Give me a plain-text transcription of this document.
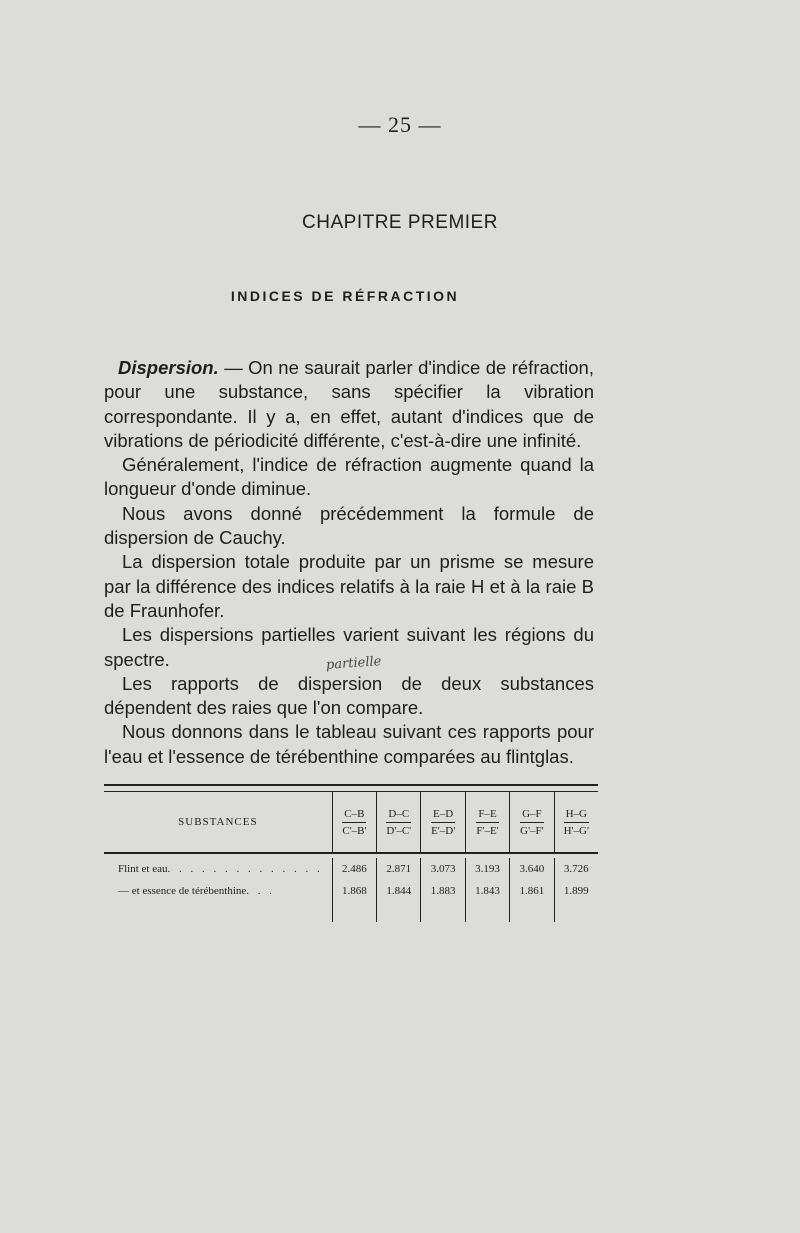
— 25 —
CHAPITRE PREMIER
INDICES DE RÉFRACTION

Dispersion. — On ne saurait parler d'indice de réfraction, pour une substance, sans spécifier la vibration correspondante. Il y a, en effet, autant d'indices que de vibrations de périodicité différente, c'est-à-dire une infinité.

Généralement, l'indice de réfraction augmente quand la longueur d'onde diminue.

Nous avons donné précédemment la formule de dispersion de Cauchy.

La dispersion totale produite par un prisme se mesure par la différence des indices relatifs à la raie H et à la raie B de Fraunhofer.

Les dispersions partielles varient suivant les régions du spectre.

Les rapports de dispersion de deux substances dépendent des raies que l'on compare.

Nous donnons dans le tableau suivant ces rapports pour l'eau et l'essence de térébenthine comparées au flintglas.

partielle
SUBSTANCES	$\frac{C-B}{C'-B'}$	$\frac{D-C}{D'-C'}$	$\frac{E-D}{E'-D'}$	$\frac{F-E}{F'-E'}$	$\frac{G-F}{G'-F'}$	$\frac{H-G}{H'-G'}$

Flint et eau. . . . . . . . . . . . . .	2.486	2.871	3.073	3.193	3.640	3.726
— et essence de térébenthine. . .	1.868	1.844	1.883	1.843	1.861	1.899
